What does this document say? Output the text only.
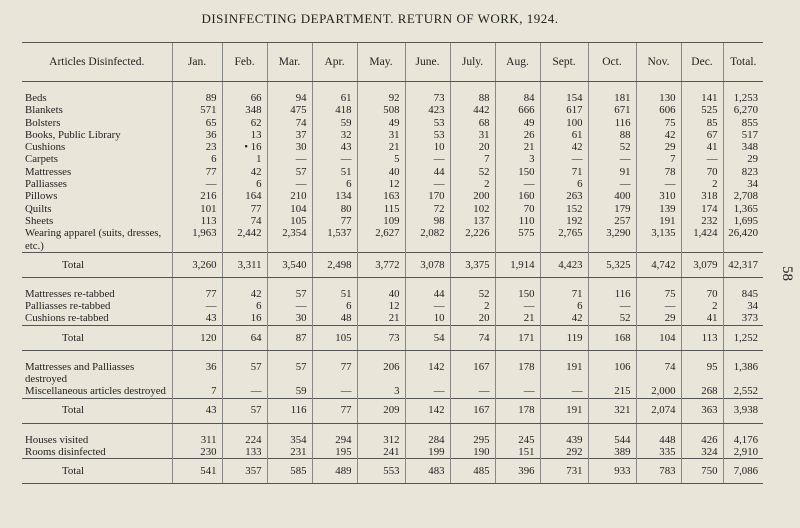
DISINFECTING DEPARTMENT. RETURN OF WORK, 1924.
58
Articles Disinfected.	Jan.	Feb.	Mar.	Apr.	May.	June.	July.	Aug.	Sept.	Oct.	Nov.	Dec.	Total.

Beds	89	66	94	61	92	73	88	84	154	181	130	141	1,253
Blankets	571	348	475	418	508	423	442	666	617	671	606	525	6,270
Bolsters	65	62	74	59	49	53	68	49	100	116	75	85	855
Books, Public Library	36	13	37	32	31	53	31	26	61	88	42	67	517
Cushions	23	• 16	30	43	21	10	20	21	42	52	29	41	348
Carpets	6	1	—	—	5	—	7	3	—	—	7	—	29
Mattresses	77	42	57	51	40	44	52	150	71	91	78	70	823
Palliasses	—	6	—	6	12	—	2	—	6	—	—	2	34
Pillows	216	164	210	134	163	170	200	160	263	400	310	318	2,708
Quilts	101	77	104	80	115	72	102	70	152	179	139	174	1,365
Sheets	113	74	105	77	109	98	137	110	192	257	191	232	1,695
Wearing apparel (suits, dresses, etc.)	1,963	2,442	2,354	1,537	2,627	2,082	2,226	575	2,765	3,290	3,135	1,424	26,420
Total	3,260	3,311	3,540	2,498	3,772	3,078	3,375	1,914	4,423	5,325	4,742	3,079	42,317

Mattresses re-tabbed	77	42	57	51	40	44	52	150	71	116	75	70	845
Palliasses re-tabbed	—	6	—	6	12	—	2	—	6	—	—	2	34
Cushions re-tabbed	43	16	30	48	21	10	20	21	42	52	29	41	373
Total	120	64	87	105	73	54	74	171	119	168	104	113	1,252

Mattresses and Palliasses destroyed	36	57	57	77	206	142	167	178	191	106	74	95	1,386
Miscellaneous articles destroyed	7	—	59	—	3	—	—	—	—	215	2,000	268	2,552
Total	43	57	116	77	209	142	167	178	191	321	2,074	363	3,938

Houses visited	311	224	354	294	312	284	295	245	439	544	448	426	4,176
Rooms disinfected	230	133	231	195	241	199	190	151	292	389	335	324	2,910
Total	541	357	585	489	553	483	485	396	731	933	783	750	7,086
